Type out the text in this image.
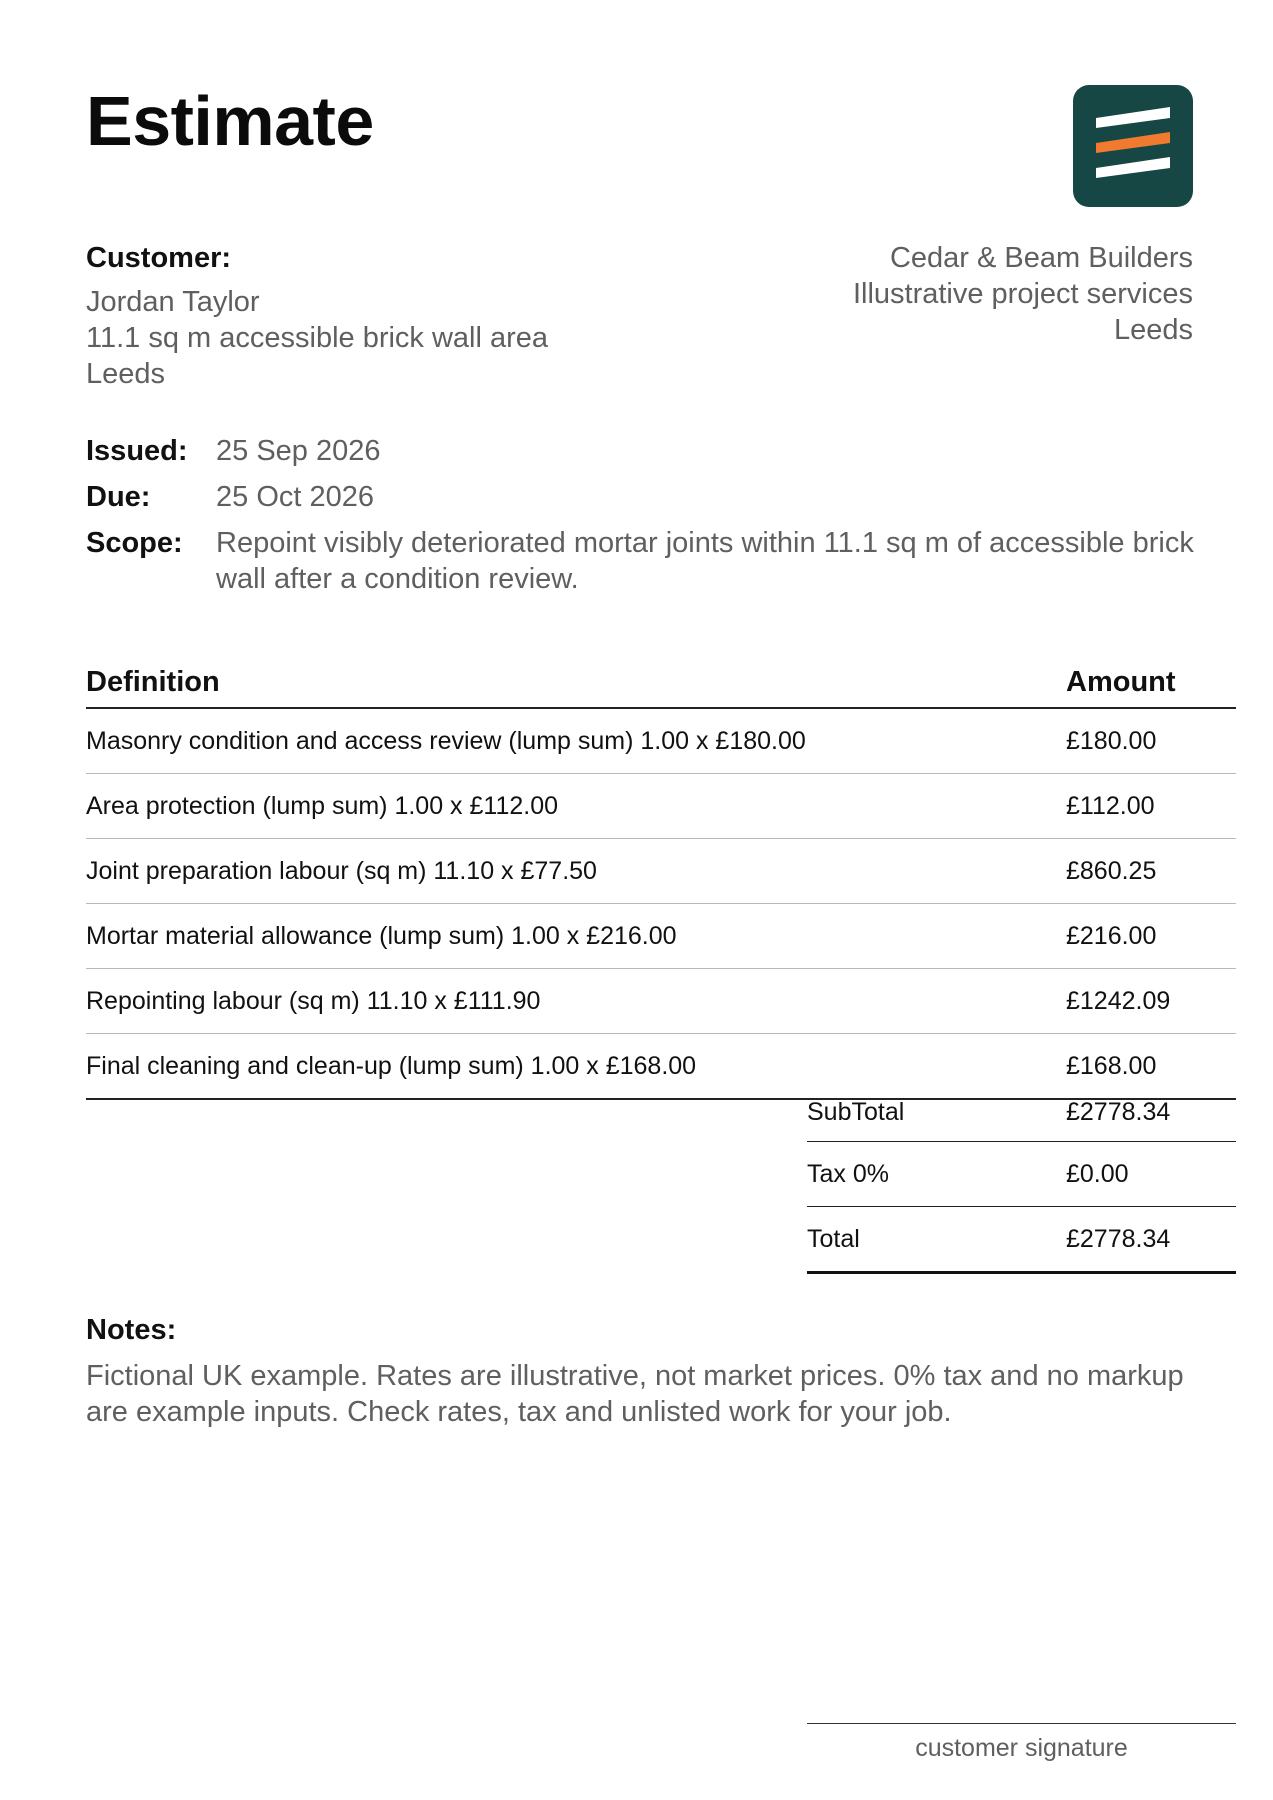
Estimate
Customer:
Jordan Taylor
11.1 sq m accessible brick wall area
Leeds
Cedar & Beam Builders
Illustrative project services
Leeds
Issued: 25 Sep 2026
Due:	25 Oct 2026
Scope:	Repoint visibly deteriorated mortar joints within 11.1 sq m of accessible brick wall after a condition review.
Definition	Amount
Masonry condition and access review (lump sum) 1.00 x £180.00	£180.00
Area protection (lump sum) 1.00 x £112.00	£112.00
Joint preparation labour (sq m) 11.10 x £77.50	£860.25
Mortar material allowance (lump sum) 1.00 x £216.00	£216.00
Repointing labour (sq m) 11.10 x £111.90	£1242.09
Final cleaning and clean-up (lump sum) 1.00 x £168.00	£168.00
SubTotal	£2778.34
Tax 0%	£0.00
Total	£2778.34
Notes:
Fictional UK example. Rates are illustrative, not market prices. 0% tax and no markup are example inputs. Check rates, tax and unlisted work for your job.
customer signature
